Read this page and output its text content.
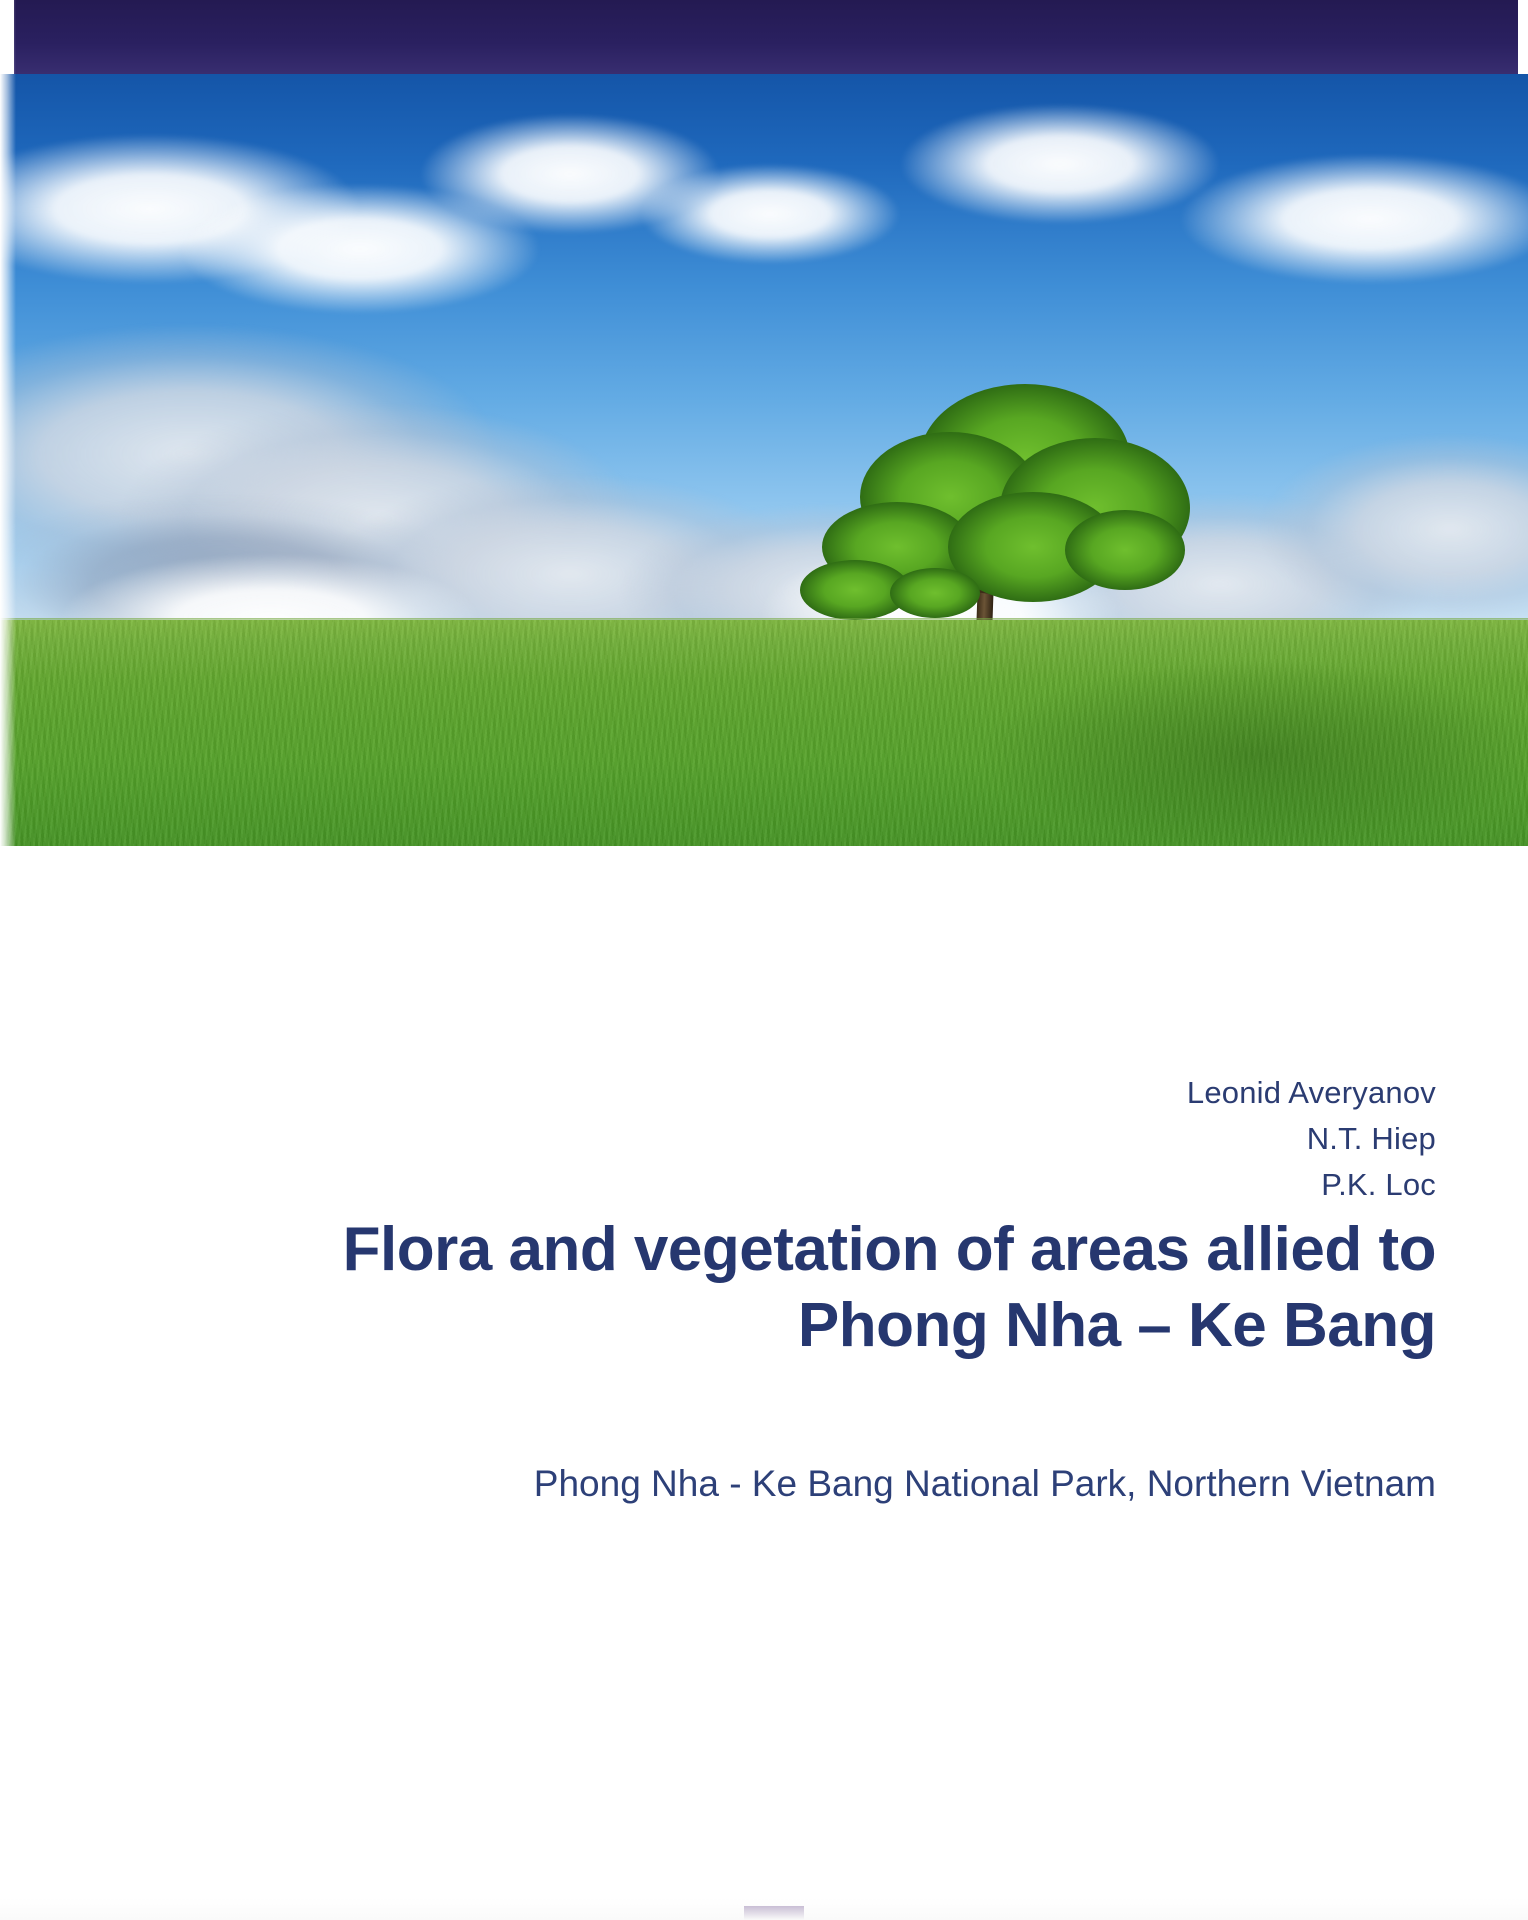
Leonid Averyanov
N.T. Hiep
P.K. Loc
Flora and vegetation of areas allied to Phong Nha – Ke Bang
Phong Nha - Ke Bang National Park, Northern Vietnam
